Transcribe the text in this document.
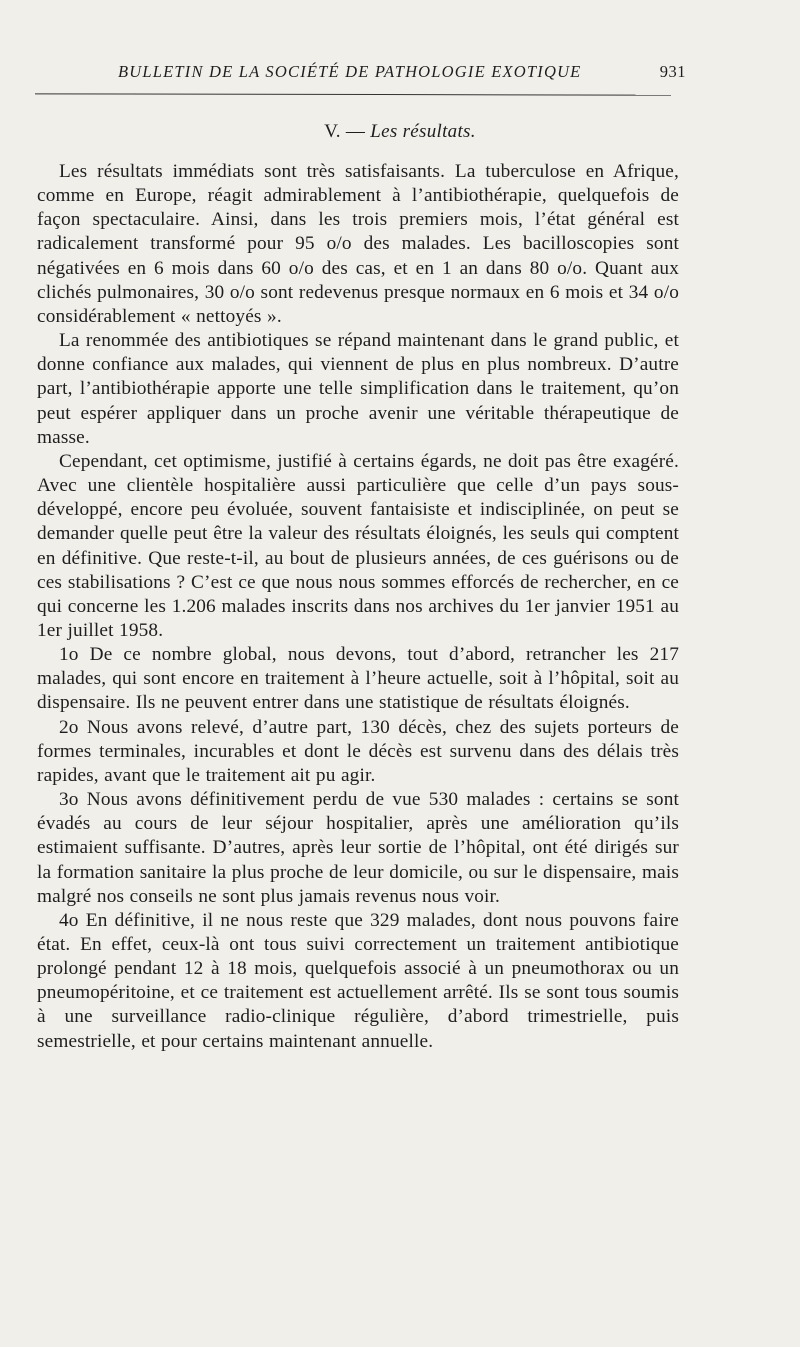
BULLETIN DE LA SOCIÉTÉ DE PATHOLOGIE EXOTIQUE	931
V. — Les résultats.

Les résultats immédiats sont très satisfaisants. La tuberculose en Afrique, comme en Europe, réagit admirablement à l’antibiothérapie, quelquefois de façon spectaculaire. Ainsi, dans les trois premiers mois, l’état général est radicalement transformé pour 95 o/o des malades. Les bacilloscopies sont négativées en 6 mois dans 60 o/o des cas, et en 1 an dans 80 o/o. Quant aux clichés pulmonaires, 30 o/o sont redevenus presque normaux en 6 mois et 34 o/o considérablement « nettoyés ».

La renommée des antibiotiques se répand maintenant dans le grand public, et donne confiance aux malades, qui viennent de plus en plus nombreux. D’autre part, l’antibiothérapie apporte une telle simplification dans le traitement, qu’on peut espérer appliquer dans un proche avenir une véritable thérapeutique de masse.

Cependant, cet optimisme, justifié à certains égards, ne doit pas être exagéré. Avec une clientèle hospitalière aussi particulière que celle d’un pays sous-développé, encore peu évoluée, souvent fantaisiste et indisciplinée, on peut se demander quelle peut être la valeur des résultats éloignés, les seuls qui comptent en définitive. Que reste-t-il, au bout de plusieurs années, de ces guérisons ou de ces stabilisations ? C’est ce que nous nous sommes efforcés de rechercher, en ce qui concerne les 1.206 malades inscrits dans nos archives du 1er janvier 1951 au 1er juillet 1958.

1o De ce nombre global, nous devons, tout d’abord, retrancher les 217 malades, qui sont encore en traitement à l’heure actuelle, soit à l’hôpital, soit au dispensaire. Ils ne peuvent entrer dans une statistique de résultats éloignés.

2o Nous avons relevé, d’autre part, 130 décès, chez des sujets porteurs de formes terminales, incurables et dont le décès est survenu dans des délais très rapides, avant que le traitement ait pu agir.

3o Nous avons définitivement perdu de vue 530 malades : certains se sont évadés au cours de leur séjour hospitalier, après une amélioration qu’ils estimaient suffisante. D’autres, après leur sortie de l’hôpital, ont été dirigés sur la formation sanitaire la plus proche de leur domicile, ou sur le dispensaire, mais malgré nos conseils ne sont plus jamais revenus nous voir.

4o En définitive, il ne nous reste que 329 malades, dont nous pouvons faire état. En effet, ceux-là ont tous suivi correctement un traitement antibiotique prolongé pendant 12 à 18 mois, quelquefois associé à un pneumothorax ou un pneumopéritoine, et ce traitement est actuellement arrêté. Ils se sont tous soumis à une surveillance radio-clinique régulière, d’abord trimestrielle, puis semestrielle, et pour certains maintenant annuelle.
